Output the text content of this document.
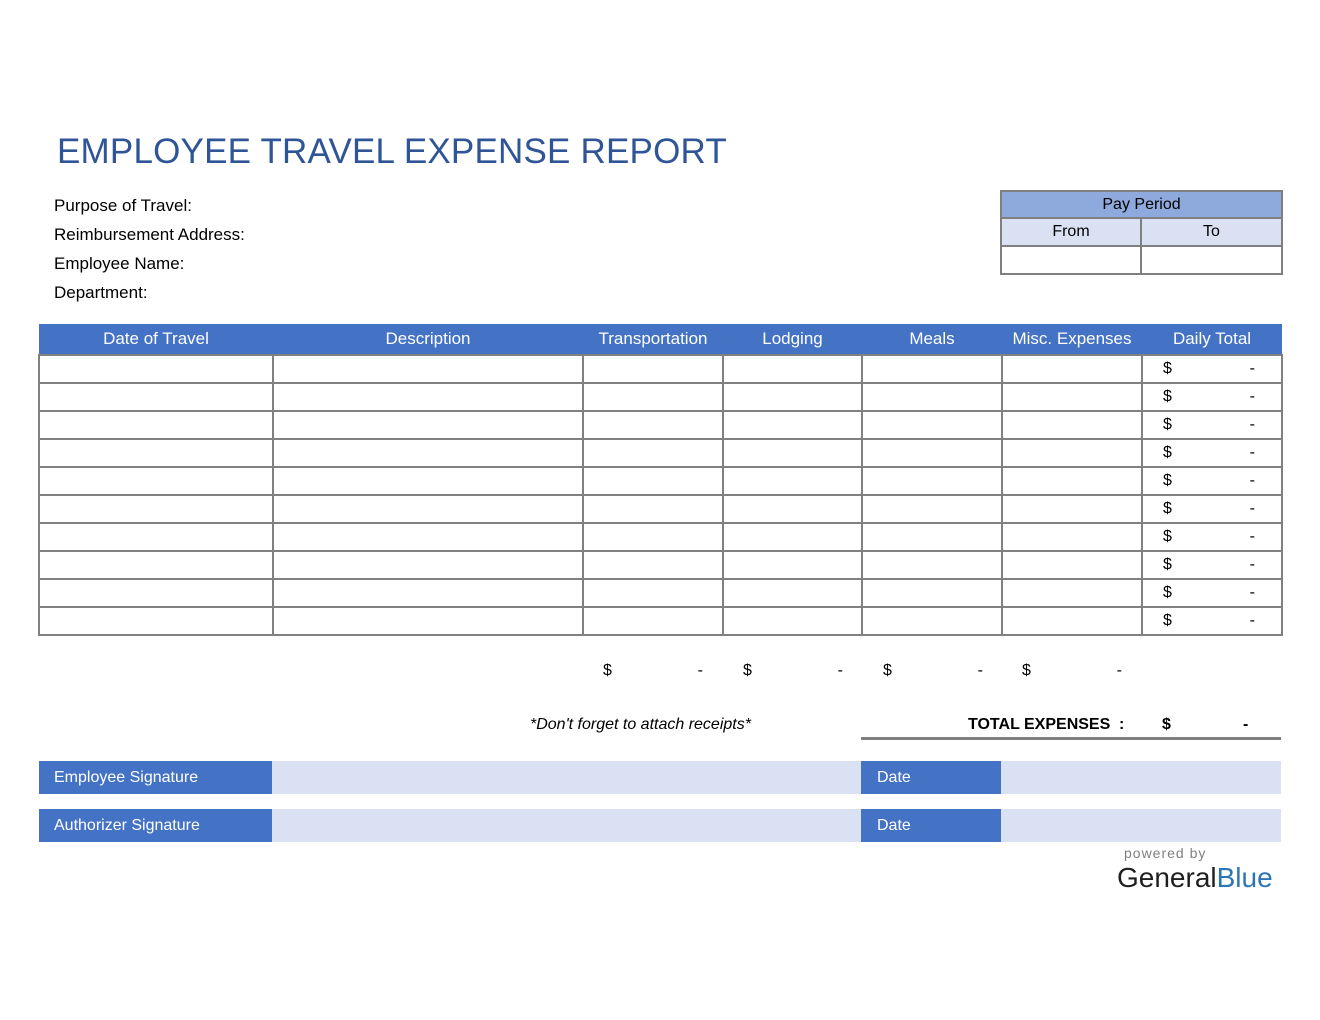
EMPLOYEE TRAVEL EXPENSE REPORT
Purpose of Travel:
Reimbursement Address:
Employee Name:
Department:
Pay Period	
From	To

Date of Travel	Description	Transportation	Lodging	Meals	Misc. Expenses	Daily Total

						$ -

						$ -

						$ -

						$ -

						$ -

						$ -

						$ -

						$ -

						$ -

						$ -
$	-	$	-	$	- $	-
*Don't forget to attach receipts*	TOTAL EXPENSES : $	-
Employee Signature	Date
Authorizer Signature	Date
powered by
GeneralBlue
